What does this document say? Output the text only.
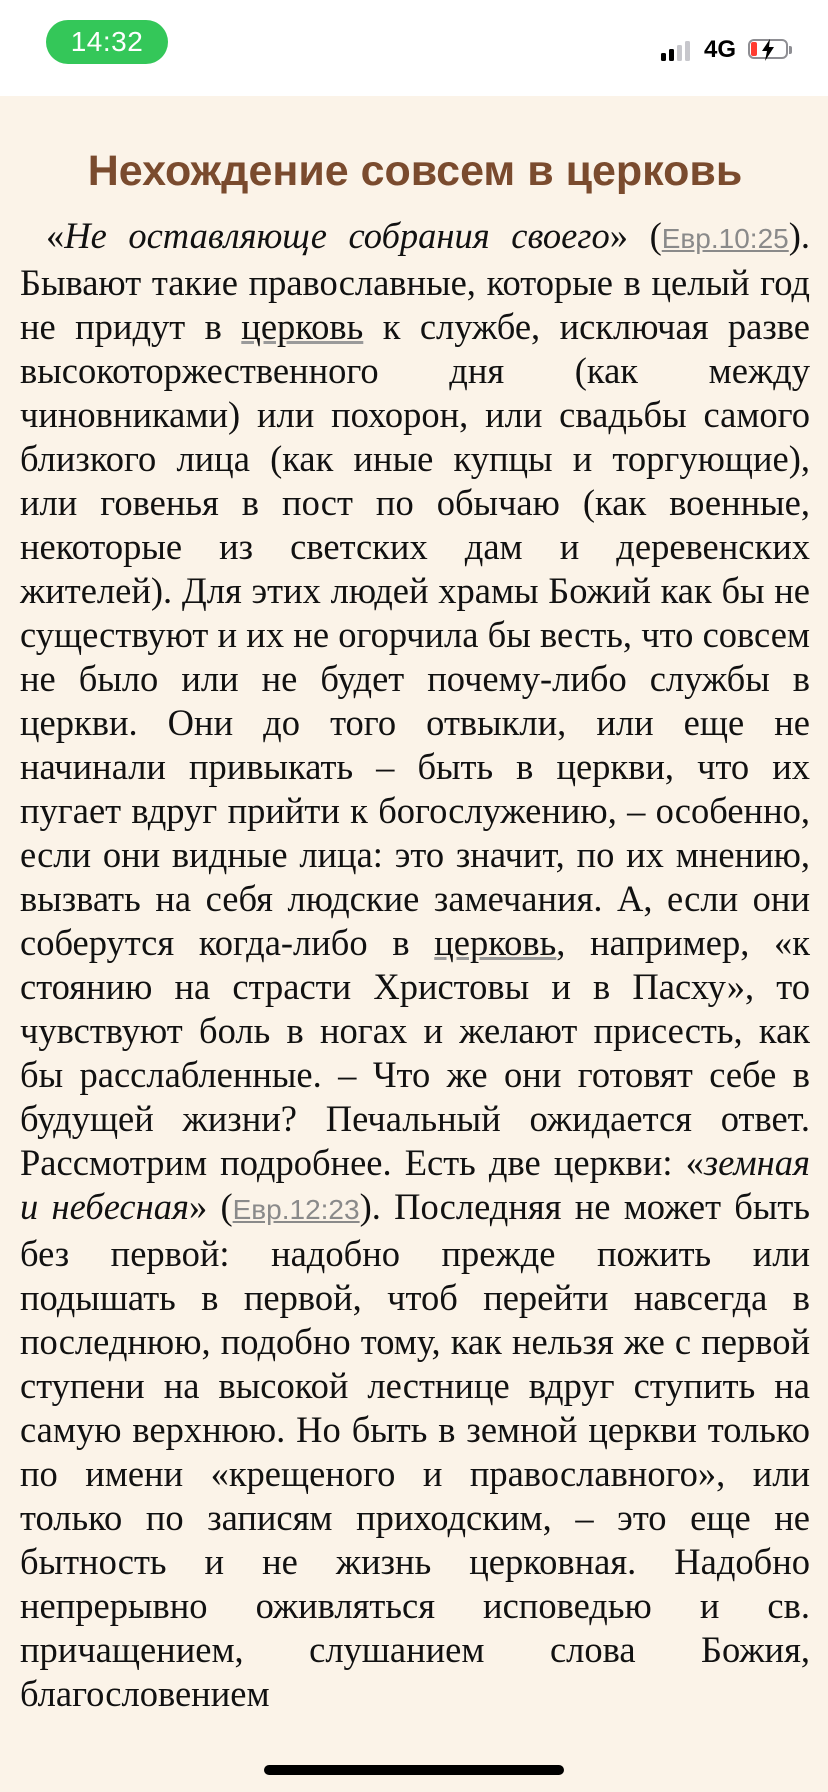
14:32	4G
Нехождение совсем в церковь

«Не оставляюще собрания своего» (Евр.10:25). Бывают такие православные, которые в целый год не придут в церковь к службе, исключая разве высокоторжественного дня (как между чиновниками) или похорон, или свадьбы самого близкого лица (как иные купцы и торгующие), или говенья в пост по обычаю (как военные, некоторые из светских дам и деревенских жителей). Для этих людей храмы Божий как бы не существуют и их не огорчила бы весть, что совсем не было или не будет почему-либо службы в церкви. Они до того отвыкли, или еще не начинали привыкать – быть в церкви, что их пугает вдруг прийти к богослужению, – особенно, если они видные лица: это значит, по их мнению, вызвать на себя людские замечания. А, если они соберутся когда-либо в церковь, например, «к стоянию на страсти Христовы и в Пасху», то чувствуют боль в ногах и желают присесть, как бы расслабленные. – Что же они готовят себе в будущей жизни? Печальный ожидается ответ. Рассмотрим подробнее. Есть две церкви: «земная и небесная» (Евр.12:23). Последняя не может быть без первой: надобно прежде пожить или подышать в первой, чтоб перейти навсегда в последнюю, подобно тому, как нельзя же с первой ступени на высокой лестнице вдруг ступить на самую верхнюю. Но быть в земной церкви только по имени «крещеного и православного», или только по записям приходским, – это еще не бытность и не жизнь церковная. Надобно непрерывно оживляться исповедью и св. причащением, слушанием слова Божия, благословением
